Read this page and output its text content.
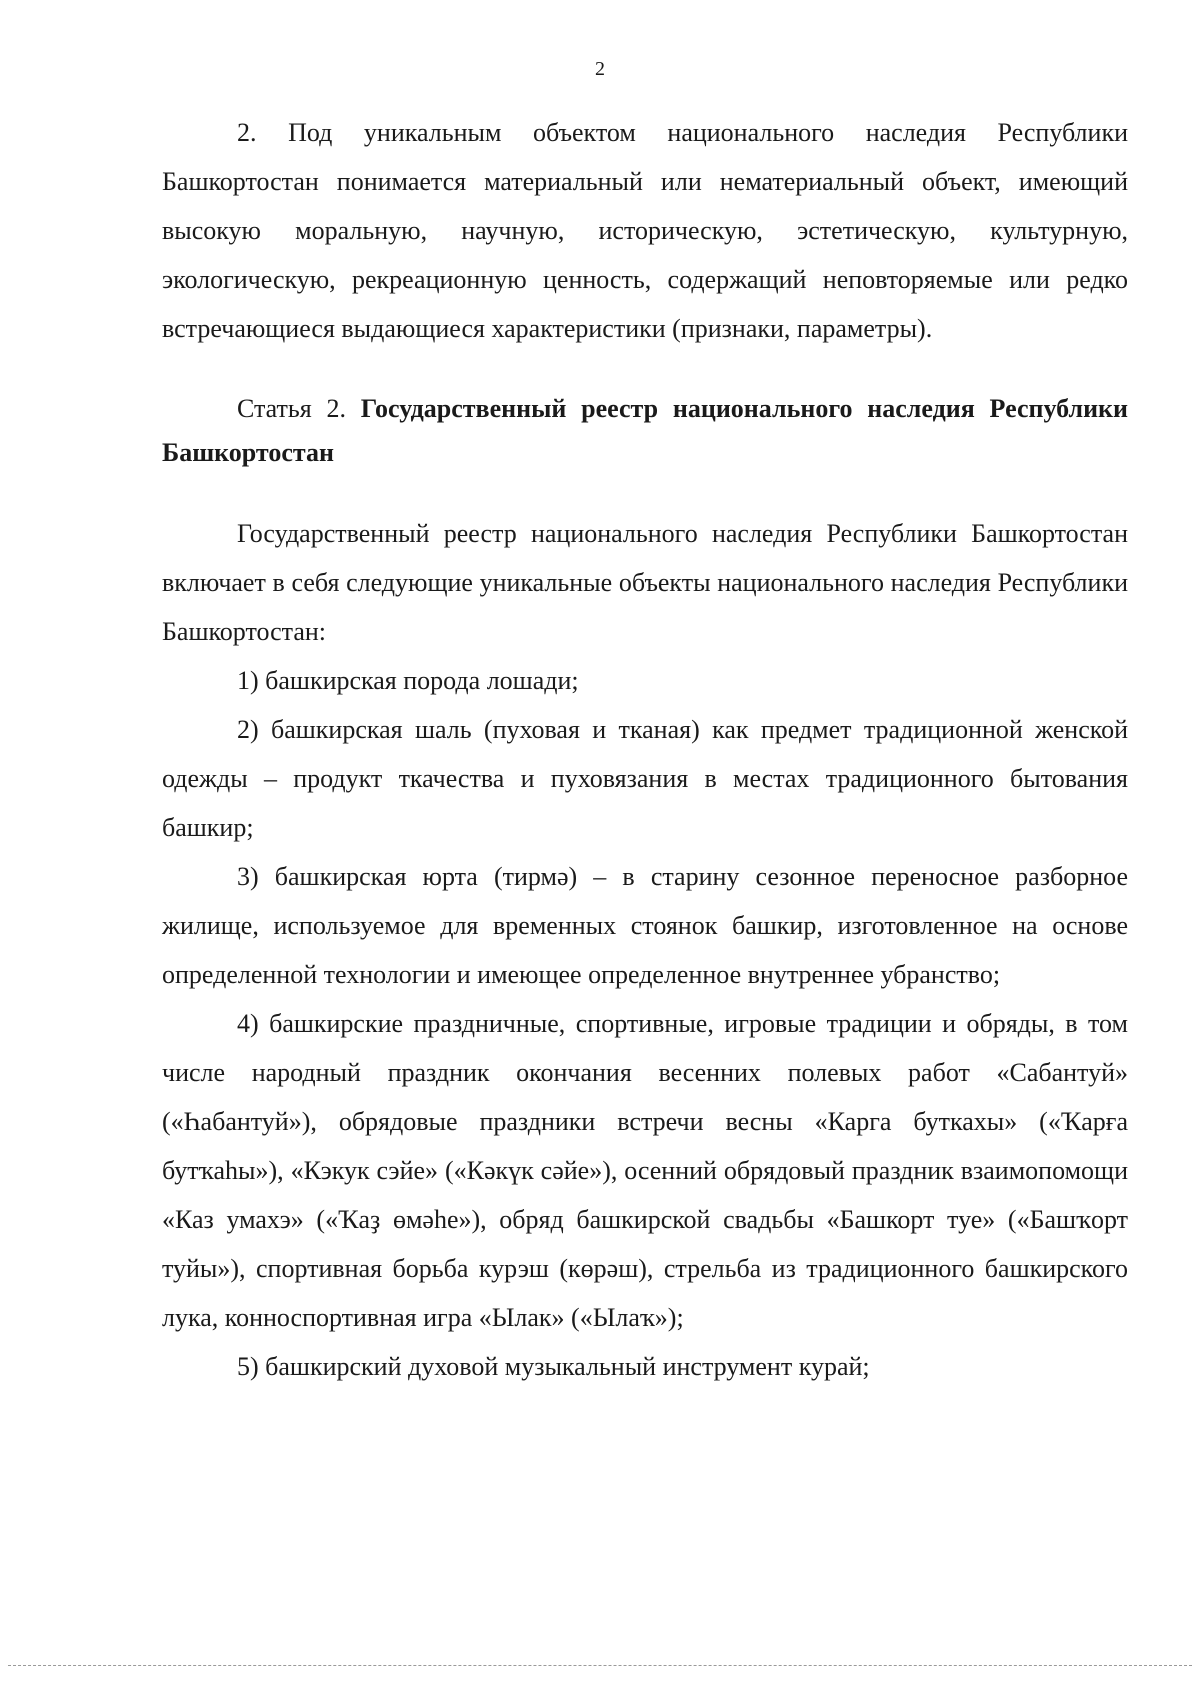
2

2. Под уникальным объектом национального наследия Республики Башкортостан понимается материальный или нематериальный объект, имеющий высокую моральную, научную, историческую, эстетическую, культурную, экологическую, рекреационную ценность, содержащий неповторяемые или редко встречающиеся выдающиеся характеристики (признаки, параметры).

Статья 2. Государственный реестр национального наследия Республики Башкортостан

Государственный реестр национального наследия Республики Башкортостан включает в себя следующие уникальные объекты национального наследия Республики Башкортостан:

1) башкирская порода лошади;

2) башкирская шаль (пуховая и тканая) как предмет традиционной женской одежды – продукт ткачества и пуховязания в местах традиционного бытования башкир;

3) башкирская юрта (тирмә) – в старину сезонное переносное разборное жилище, используемое для временных стоянок башкир, изготовленное на основе определенной технологии и имеющее определенное внутреннее убранство;

4) башкирские праздничные, спортивные, игровые традиции и обряды, в том числе народный праздник окончания весенних полевых работ «Сабантуй» («Һабантуй»), обрядовые праздники встречи весны «Карга буткахы» («Ҡарға бутҡаһы»), «Кэкук сэйе» («Кәкүк сәйе»), осенний обрядовый праздник взаимопомощи «Каз умахэ» («Ҡаҙ өмәһе»), обряд башкирской свадьбы «Башкорт туе» («Башҡорт туйы»), спортивная борьба курэш (көрәш), стрельба из традиционного башкирского лука, конноспортивная игра «Ылак» («Ылаҡ»);

5) башкирский духовой музыкальный инструмент курай;
